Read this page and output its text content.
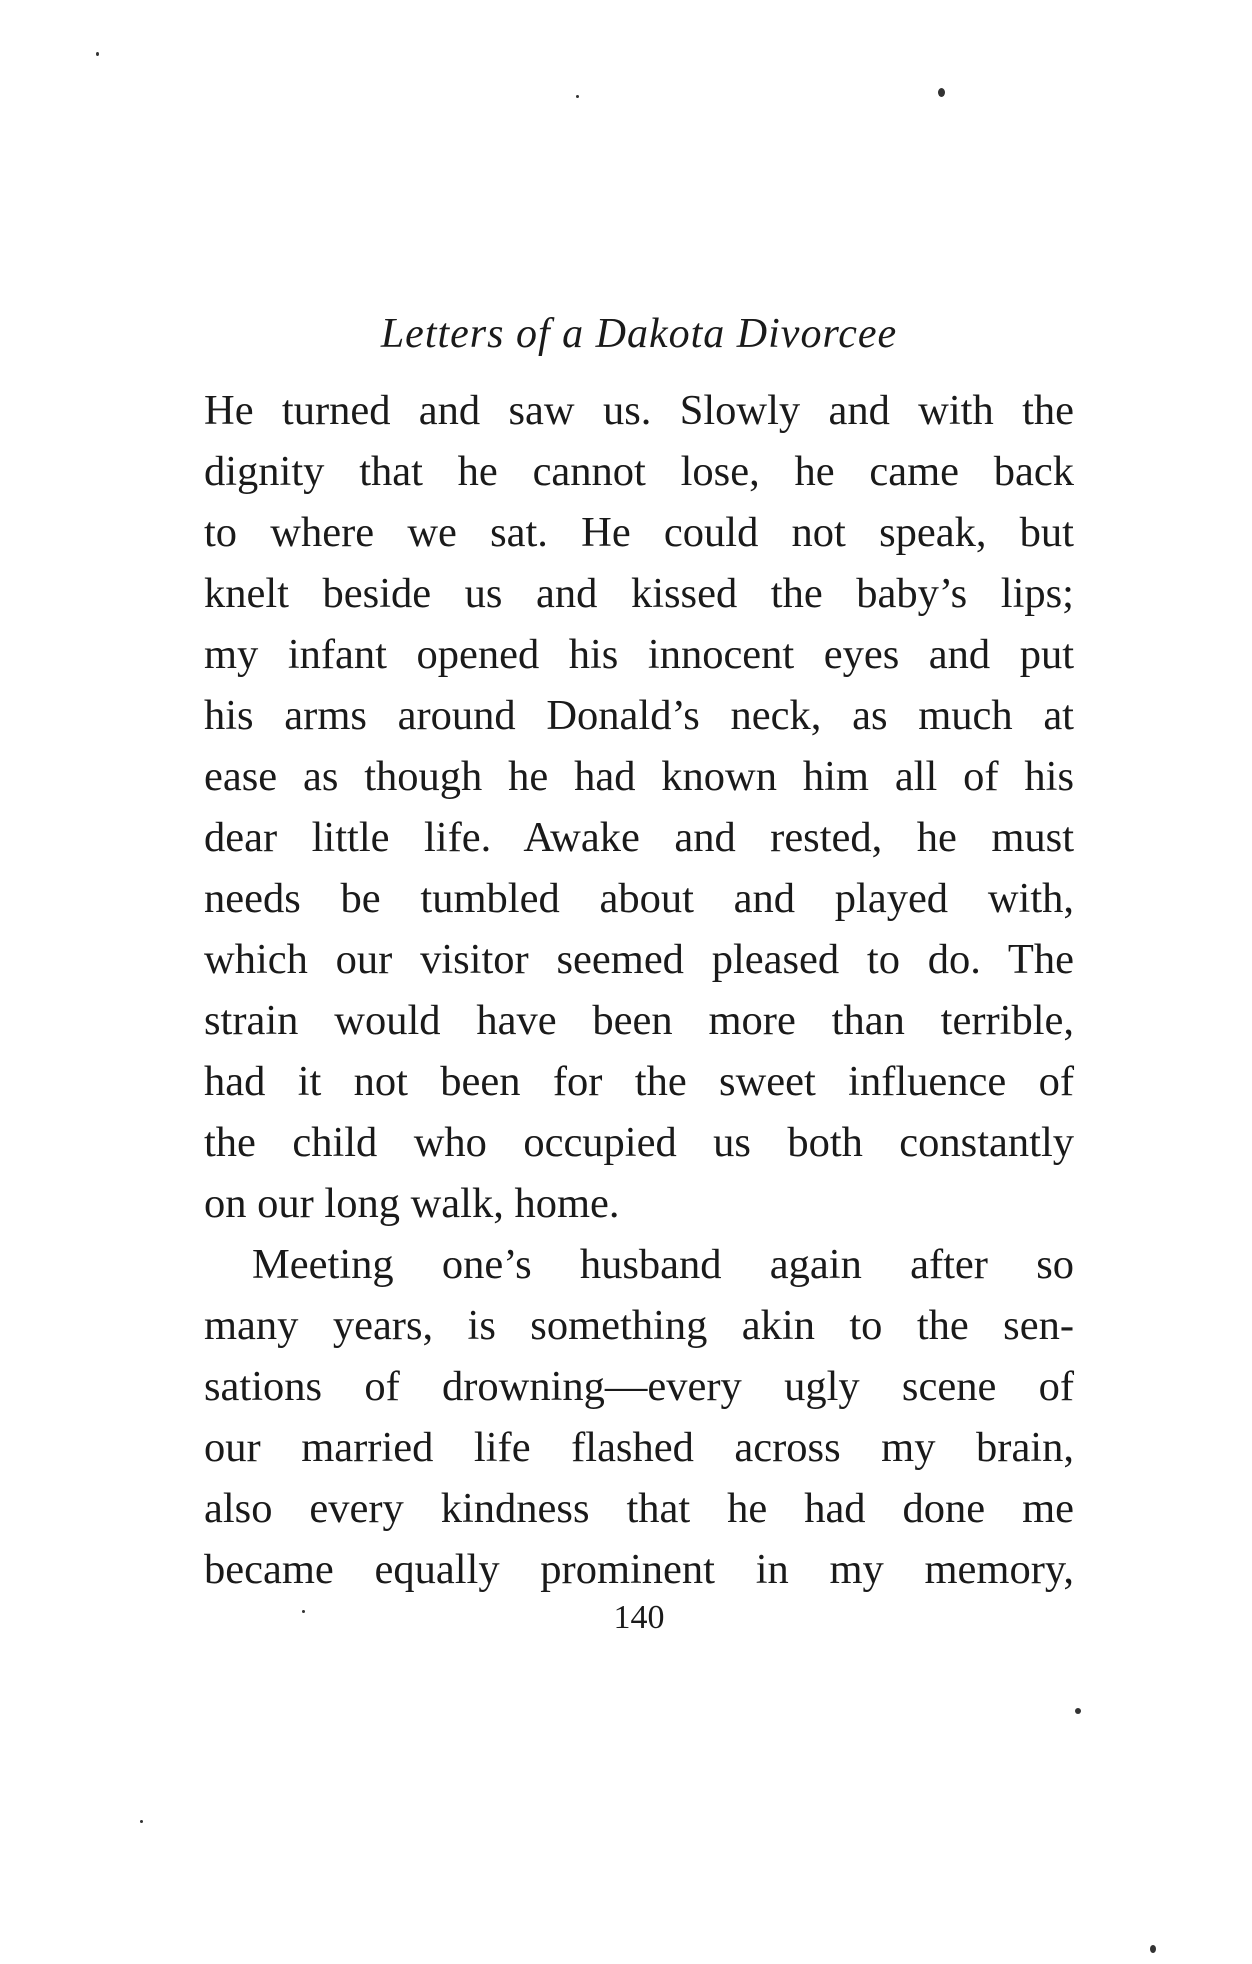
Letters of a Dakota Divorcee
He turned and saw us. Slowly and with the
dignity that he cannot lose, he came back
to where we sat. He could not speak, but
knelt beside us and kissed the baby’s lips;
my infant opened his innocent eyes and put
his arms around Donald’s neck, as much at
ease as though he had known him all of his
dear little life. Awake and rested, he must
needs be tumbled about and played with,
which our visitor seemed pleased to do. The
strain would have been more than terrible,
had it not been for the sweet influence of
the child who occupied us both constantly
on our long walk, home.
Meeting one’s husband again after so
many years, is something akin to the sen-
sations of drowning—every ugly scene of
our married life flashed across my brain,
also every kindness that he had done me
became equally prominent in my memory,
140
